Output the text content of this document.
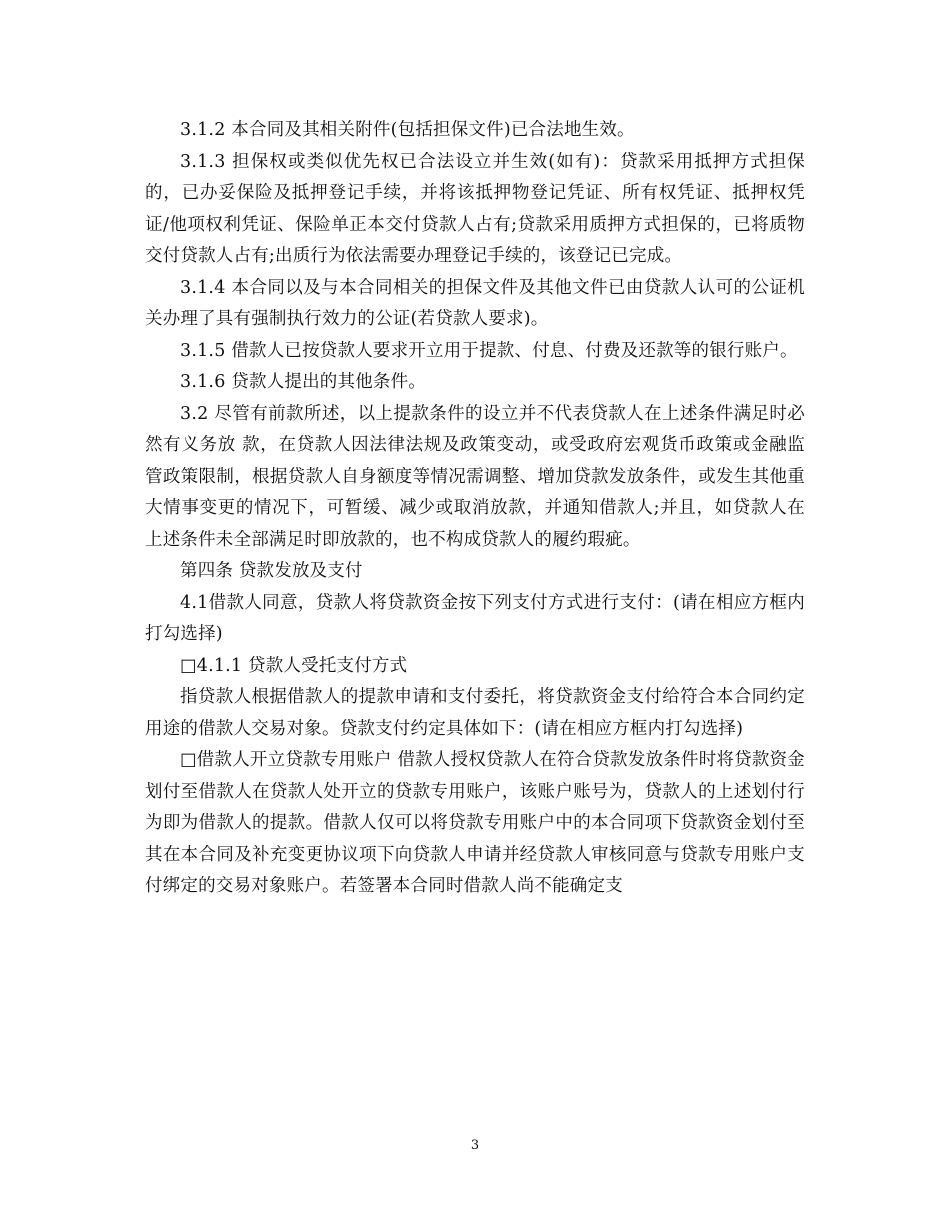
3.1.2 本合同及其相关附件(包括担保文件)已合法地生效。

3.1.3 担保权或类似优先权已合法设立并生效(如有)：贷款采用抵押方式担保的，已办妥保险及抵押登记手续，并将该抵押物登记凭证、所有权凭证、抵押权凭证/他项权利凭证、保险单正本交付贷款人占有;贷款采用质押方式担保的，已将质物交付贷款人占有;出质行为依法需要办理登记手续的，该登记已完成。

3.1.4 本合同以及与本合同相关的担保文件及其他文件已由贷款人认可的公证机关办理了具有强制执行效力的公证(若贷款人要求)。

3.1.5 借款人已按贷款人要求开立用于提款、付息、付费及还款等的银行账户。

3.1.6 贷款人提出的其他条件。

3.2 尽管有前款所述，以上提款条件的设立并不代表贷款人在上述条件满足时必然有义务放 款，在贷款人因法律法规及政策变动，或受政府宏观货币政策或金融监管政策限制，根据贷款人自身额度等情况需调整、增加贷款发放条件，或发生其他重大情事变更的情况下，可暂缓、减少或取消放款，并通知借款人;并且，如贷款人在上述条件未全部满足时即放款的，也不构成贷款人的履约瑕疵。

第四条 贷款发放及支付

4.1借款人同意，贷款人将贷款资金按下列支付方式进行支付：(请在相应方框内打勾选择)

□4.1.1 贷款人受托支付方式

指贷款人根据借款人的提款申请和支付委托，将贷款资金支付给符合本合同约定用途的借款人交易对象。贷款支付约定具体如下：(请在相应方框内打勾选择)

□借款人开立贷款专用账户 借款人授权贷款人在符合贷款发放条件时将贷款资金划付至借款人在贷款人处开立的贷款专用账户，该账户账号为，贷款人的上述划付行为即为借款人的提款。借款人仅可以将贷款专用账户中的本合同项下贷款资金划付至其在本合同及补充变更协议项下向贷款人申请并经贷款人审核同意与贷款专用账户支付绑定的交易对象账户。若签署本合同时借款人尚不能确定支

3
